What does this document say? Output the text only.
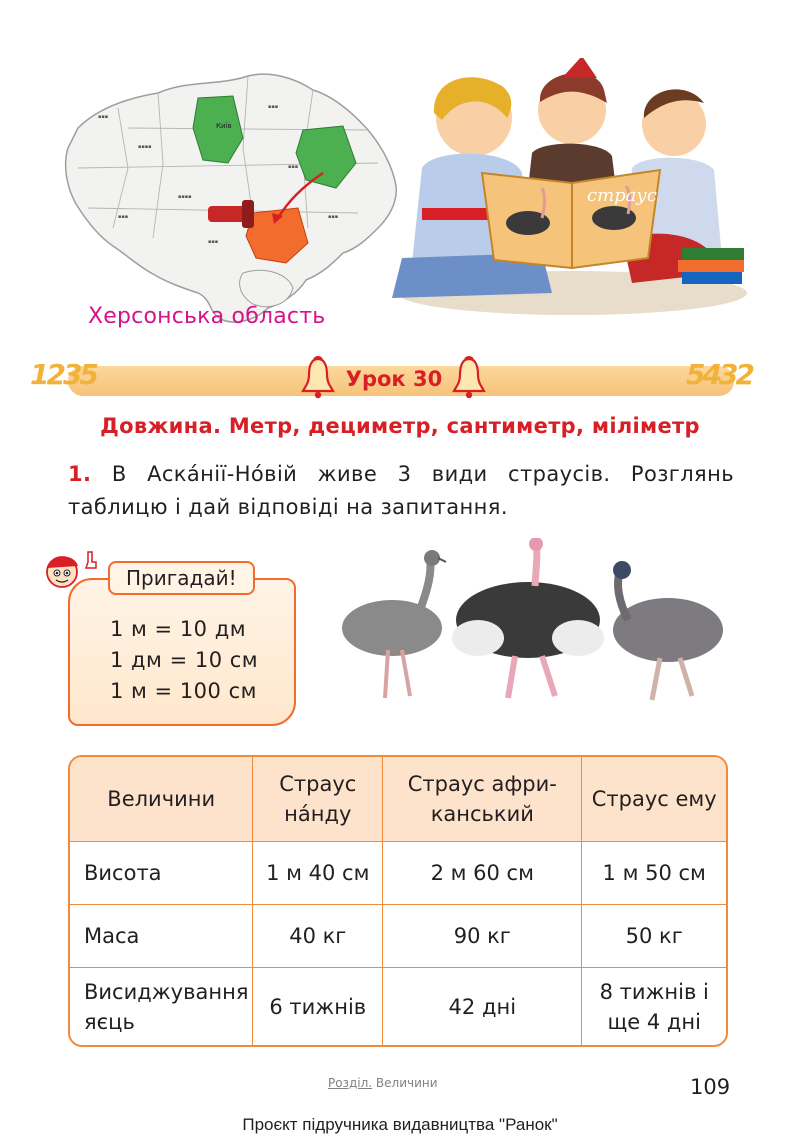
Київ
▪▪▪
▪▪▪▪
▪▪▪
▪▪▪
▪▪▪▪
▪▪▪	▪▪▪
▪▪▪
Херсонська область
страус
1235	5432
Урок 30
Довжина. Метр, дециметр, сантиметр, міліметр
1. В Аска́нії-Но́вій живе 3 види страусів. Розглянь таблицю і дай відповіді на запитання.
Пригадай!
1 м = 10 дм
1 дм = 10 см
1 м = 100 см
Величини	Страус на́нду	Страус афри-канський	Страус ему
Висота	1 м 40 см	2 м 60 см	1 м 50 см
Маса	40 кг	90 кг	50 кг
Висиджування яєць	6 тижнів	42 дні	8 тижнів і ще 4 дні
Розділ. Величини	109
Проєкт підручника видавництва "Ранок"
